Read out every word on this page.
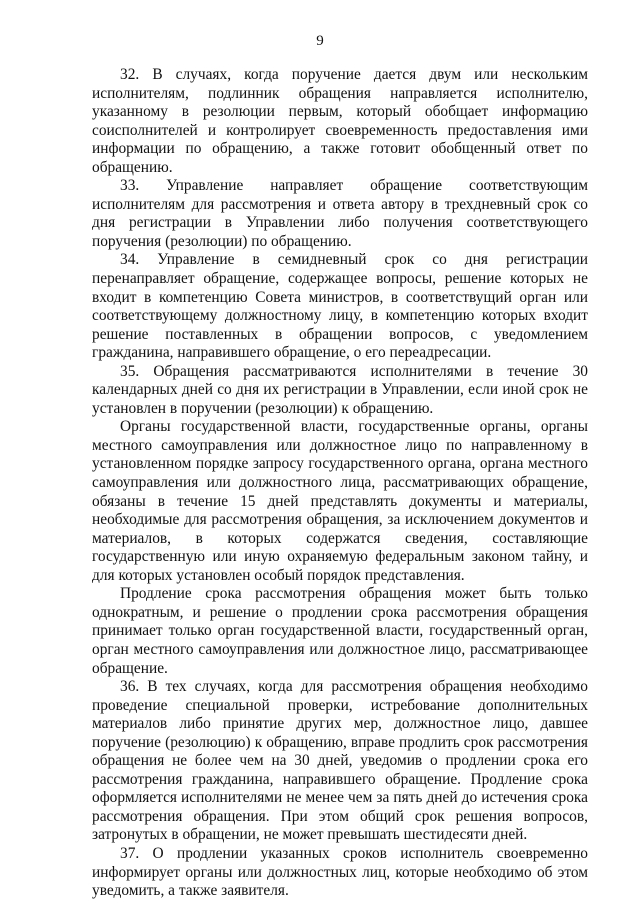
9

32. В случаях, когда поручение дается двум или нескольким исполнителям, подлинник обращения направляется исполнителю, указанному в резолюции первым, который обобщает информацию соисполнителей и контролирует своевременность предоставления ими информации по обращению, а также готовит обобщенный ответ по обращению.

33. Управление направляет обращение соответствующим исполнителям для рассмотрения и ответа автору в трехдневный срок со дня регистрации в Управлении либо получения соответствующего поручения (резолюции) по обращению.

34. Управление в семидневный срок со дня регистрации перенаправляет обращение, содержащее вопросы, решение которых не входит в компетенцию Совета министров, в соответствущий орган или соответствующему должностному лицу, в компетенцию которых входит решение поставленных в обращении вопросов, с уведомлением гражданина, направившего обращение, о его переадресации.

35. Обращения рассматриваются исполнителями в течение 30 календарных дней со дня их регистрации в Управлении, если иной срок не установлен в поручении (резолюции) к обращению.

Органы государственной власти, государственные органы, органы местного самоуправления или должностное лицо по направленному в установленном порядке запросу государственного органа, органа местного самоуправления или должностного лица, рассматривающих обращение, обязаны в течение 15 дней представлять документы и материалы, необходимые для рассмотрения обращения, за исключением документов и материалов, в которых содержатся сведения, составляющие государственную или иную охраняемую федеральным законом тайну, и для которых установлен особый порядок представления.

Продление срока рассмотрения обращения может быть только однократным, и решение о продлении срока рассмотрения обращения принимает только орган государственной власти, государственный орган, орган местного самоуправления или должностное лицо, рассматривающее обращение.

36. В тех случаях, когда для рассмотрения обращения необходимо проведение специальной проверки, истребование дополнительных материалов либо принятие других мер, должностное лицо, давшее поручение (резолюцию) к обращению, вправе продлить срок рассмотрения обращения не более чем на 30 дней, уведомив о продлении срока его рассмотрения гражданина, направившего обращение. Продление срока оформляется исполнителями не менее чем за пять дней до истечения срока рассмотрения обращения. При этом общий срок решения вопросов, затронутых в обращении, не может превышать шестидесяти дней.

37. О продлении указанных сроков исполнитель своевременно информирует органы или должностных лиц, которые необходимо об этом уведомить, а также заявителя.
